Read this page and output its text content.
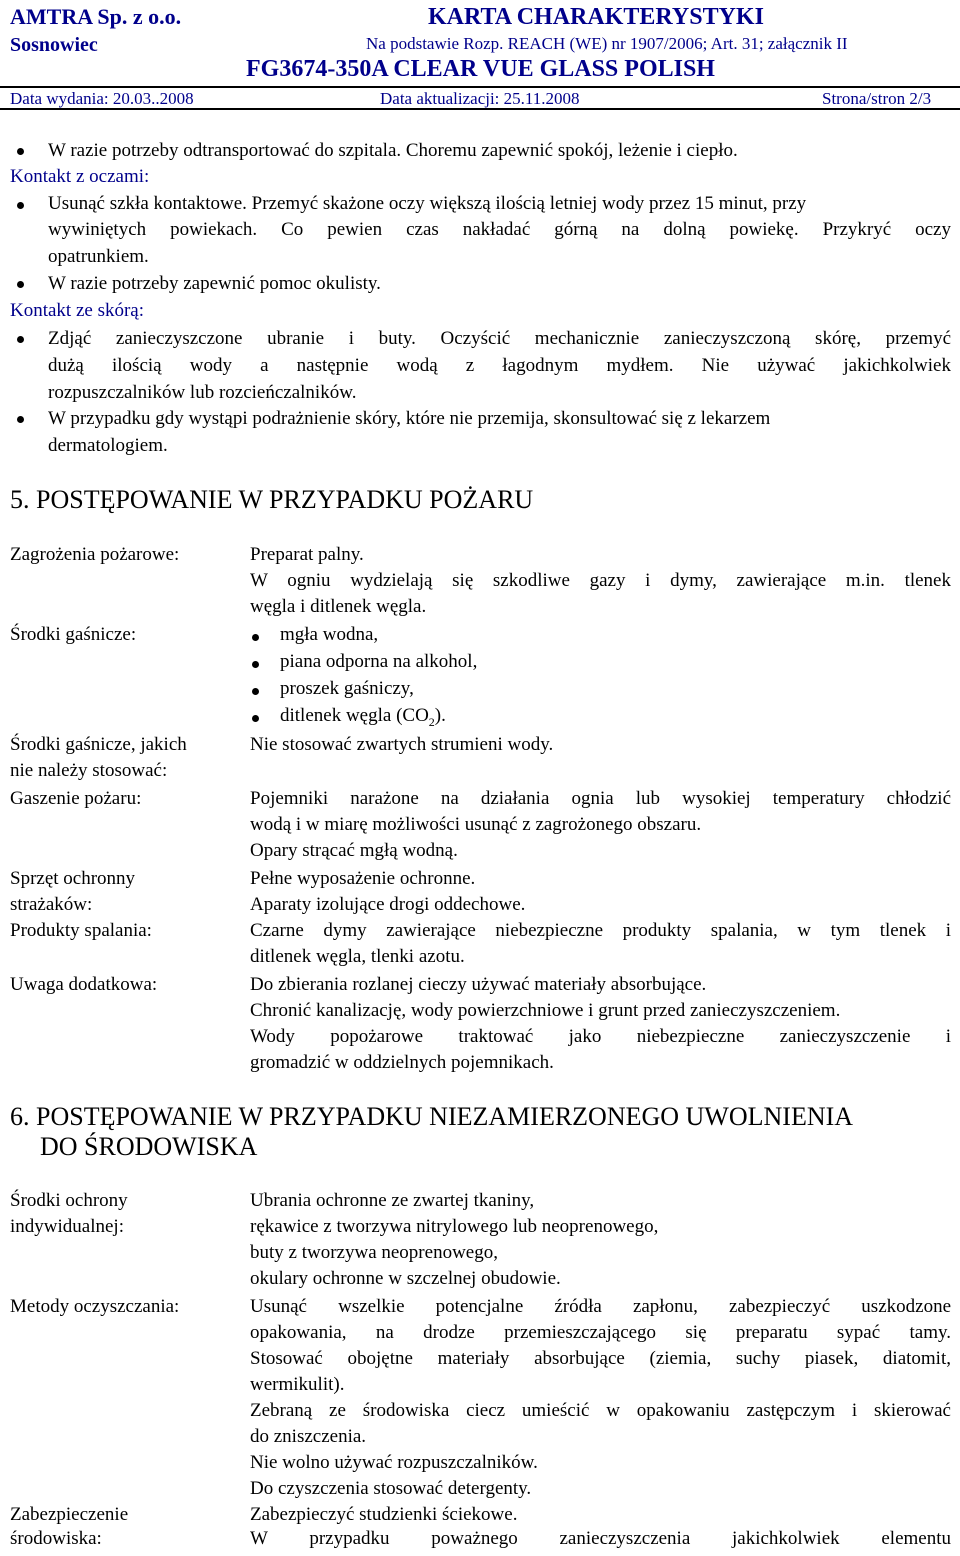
AMTRA Sp. z o.o.
Sosnowiec
KARTA CHARAKTERYSTYKI
Na podstawie Rozp. REACH (WE) nr 1907/2006; Art. 31; załącznik II
FG3674-350A CLEAR VUE GLASS POLISH
Data wydania: 20.03..2008	Data aktualizacji: 25.11.2008	Strona/stron 2/3
W razie potrzeby odtransportować do szpitala. Choremu zapewnić spokój, leżenie i ciepło.
Kontakt z oczami:
Usunąć szkła kontaktowe. Przemyć skażone oczy większą ilością letniej wody przez 15 minut, przy
wywiniętych powiekach. Co pewien czas nakładać górną na dolną powiekę. Przykryć oczy
opatrunkiem.
W razie potrzeby zapewnić pomoc okulisty.
Kontakt ze skórą:
Zdjąć zanieczyszczone ubranie i buty. Oczyścić mechanicznie zanieczyszczoną skórę, przemyć
dużą ilością wody a następnie wodą z łagodnym mydłem. Nie używać jakichkolwiek
rozpuszczalników lub rozcieńczalników.
W przypadku gdy wystąpi podrażnienie skóry, które nie przemija, skonsultować się z lekarzem
dermatologiem.
5. POSTĘPOWANIE W PRZYPADKU POŻARU
Zagrożenia pożarowe:	Preparat palny.
W ogniu wydzielają się szkodliwe gazy i dymy, zawierające m.in. tlenek
węgla i ditlenek węgla.
Środki gaśnicze:	mgła wodna,
piana odporna na alkohol,
proszek gaśniczy,
ditlenek węgla $(CO_2)$.
Środki gaśnicze, jakich
nie należy stosować:
Nie stosować zwartych strumieni wody.
Gaszenie pożaru:	Pojemniki narażone na działania ognia lub wysokiej temperatury chłodzić
wodą i w miarę możliwości usunąć z zagrożonego obszaru.
Opary strącać mgłą wodną.
Sprzęt ochronny
strażaków:
Pełne wyposażenie ochronne.
Aparaty izolujące drogi oddechowe.
Produkty spalania:	Czarne dymy zawierające niebezpieczne produkty spalania, w tym tlenek i
ditlenek węgla, tlenki azotu.
Uwaga dodatkowa:	Do zbierania rozlanej cieczy używać materiały absorbujące.
Chronić kanalizację, wody powierzchniowe i grunt przed zanieczyszczeniem.
Wody popożarowe traktować jako niebezpieczne zanieczyszczenie i
gromadzić w oddzielnych pojemnikach.
6. POSTĘPOWANIE W PRZYPADKU NIEZAMIERZONEGO UWOLNIENIA
DO ŚRODOWISKA
Środki ochrony
indywidualnej:
Ubrania ochronne ze zwartej tkaniny,
rękawice z tworzywa nitrylowego lub neoprenowego,
buty z tworzywa neoprenowego,
okulary ochronne w szczelnej obudowie.
Metody oczyszczania:	Usunąć wszelkie potencjalne źródła zapłonu, zabezpieczyć uszkodzone
opakowania, na drodze przemieszczającego się preparatu sypać tamy.
Stosować obojętne materiały absorbujące (ziemia, suchy piasek, diatomit,
wermikulit).
Zebraną ze środowiska ciecz umieścić w opakowaniu zastępczym i skierować
do zniszczenia.
Nie wolno używać rozpuszczalników.
Do czyszczenia stosować detergenty.
Zabezpieczenie
środowiska:
Zabezpieczyć studzienki ściekowe.
W przypadku poważnego zanieczyszczenia jakichkolwiek elementu
